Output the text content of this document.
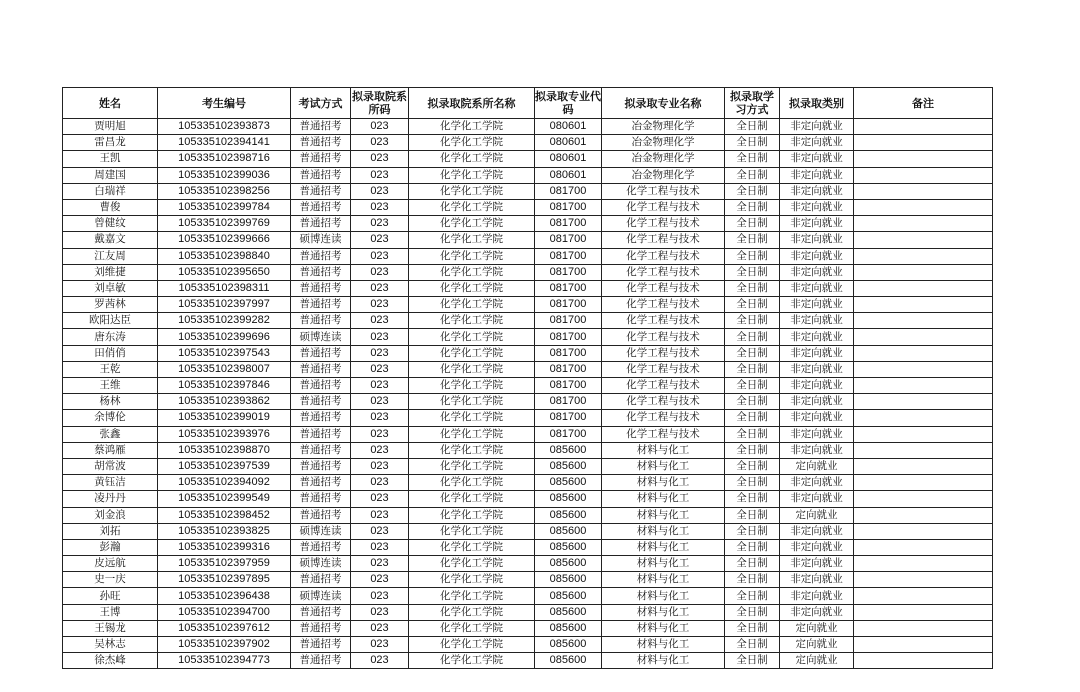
姓名	考生编号	考试方式	拟录取院系所码	拟录取院系所名称	拟录取专业代码	拟录取专业名称	拟录取学习方式	拟录取类别	备注
贾明旭	105335102393873	普通招考	023	化学化工学院	080601	冶金物理化学	全日制	非定向就业	
雷昌龙	105335102394141	普通招考	023	化学化工学院	080601	冶金物理化学	全日制	非定向就业	
王凯	105335102398716	普通招考	023	化学化工学院	080601	冶金物理化学	全日制	非定向就业	
周建国	105335102399036	普通招考	023	化学化工学院	080601	冶金物理化学	全日制	非定向就业	
白瑞祥	105335102398256	普通招考	023	化学化工学院	081700	化学工程与技术	全日制	非定向就业	
曹俊	105335102399784	普通招考	023	化学化工学院	081700	化学工程与技术	全日制	非定向就业	
曾健纹	105335102399769	普通招考	023	化学化工学院	081700	化学工程与技术	全日制	非定向就业	
戴嘉文	105335102399666	硕博连读	023	化学化工学院	081700	化学工程与技术	全日制	非定向就业	
江友周	105335102398840	普通招考	023	化学化工学院	081700	化学工程与技术	全日制	非定向就业	
刘维捷	105335102395650	普通招考	023	化学化工学院	081700	化学工程与技术	全日制	非定向就业	
刘卓敏	105335102398311	普通招考	023	化学化工学院	081700	化学工程与技术	全日制	非定向就业	
罗茜林	105335102397997	普通招考	023	化学化工学院	081700	化学工程与技术	全日制	非定向就业	
欧阳达臣	105335102399282	普通招考	023	化学化工学院	081700	化学工程与技术	全日制	非定向就业	
唐东涛	105335102399696	硕博连读	023	化学化工学院	081700	化学工程与技术	全日制	非定向就业	
田俏俏	105335102397543	普通招考	023	化学化工学院	081700	化学工程与技术	全日制	非定向就业	
王乾	105335102398007	普通招考	023	化学化工学院	081700	化学工程与技术	全日制	非定向就业	
王维	105335102397846	普通招考	023	化学化工学院	081700	化学工程与技术	全日制	非定向就业	
杨林	105335102393862	普通招考	023	化学化工学院	081700	化学工程与技术	全日制	非定向就业	
余博伦	105335102399019	普通招考	023	化学化工学院	081700	化学工程与技术	全日制	非定向就业	
张鑫	105335102393976	普通招考	023	化学化工学院	081700	化学工程与技术	全日制	非定向就业	
蔡鸿雁	105335102398870	普通招考	023	化学化工学院	085600	材料与化工	全日制	非定向就业	
胡常波	105335102397539	普通招考	023	化学化工学院	085600	材料与化工	全日制	定向就业	
黄钰洁	105335102394092	普通招考	023	化学化工学院	085600	材料与化工	全日制	非定向就业	
凌丹丹	105335102399549	普通招考	023	化学化工学院	085600	材料与化工	全日制	非定向就业	
刘金浪	105335102398452	普通招考	023	化学化工学院	085600	材料与化工	全日制	定向就业	
刘拓	105335102393825	硕博连读	023	化学化工学院	085600	材料与化工	全日制	非定向就业	
彭瀚	105335102399316	普通招考	023	化学化工学院	085600	材料与化工	全日制	非定向就业	
皮远航	105335102397959	硕博连读	023	化学化工学院	085600	材料与化工	全日制	非定向就业	
史一庆	105335102397895	普通招考	023	化学化工学院	085600	材料与化工	全日制	非定向就业	
孙旺	105335102396438	硕博连读	023	化学化工学院	085600	材料与化工	全日制	非定向就业	
王博	105335102394700	普通招考	023	化学化工学院	085600	材料与化工	全日制	非定向就业	
王锡龙	105335102397612	普通招考	023	化学化工学院	085600	材料与化工	全日制	定向就业	
吴林志	105335102397902	普通招考	023	化学化工学院	085600	材料与化工	全日制	定向就业	
徐杰峰	105335102394773	普通招考	023	化学化工学院	085600	材料与化工	全日制	定向就业	
